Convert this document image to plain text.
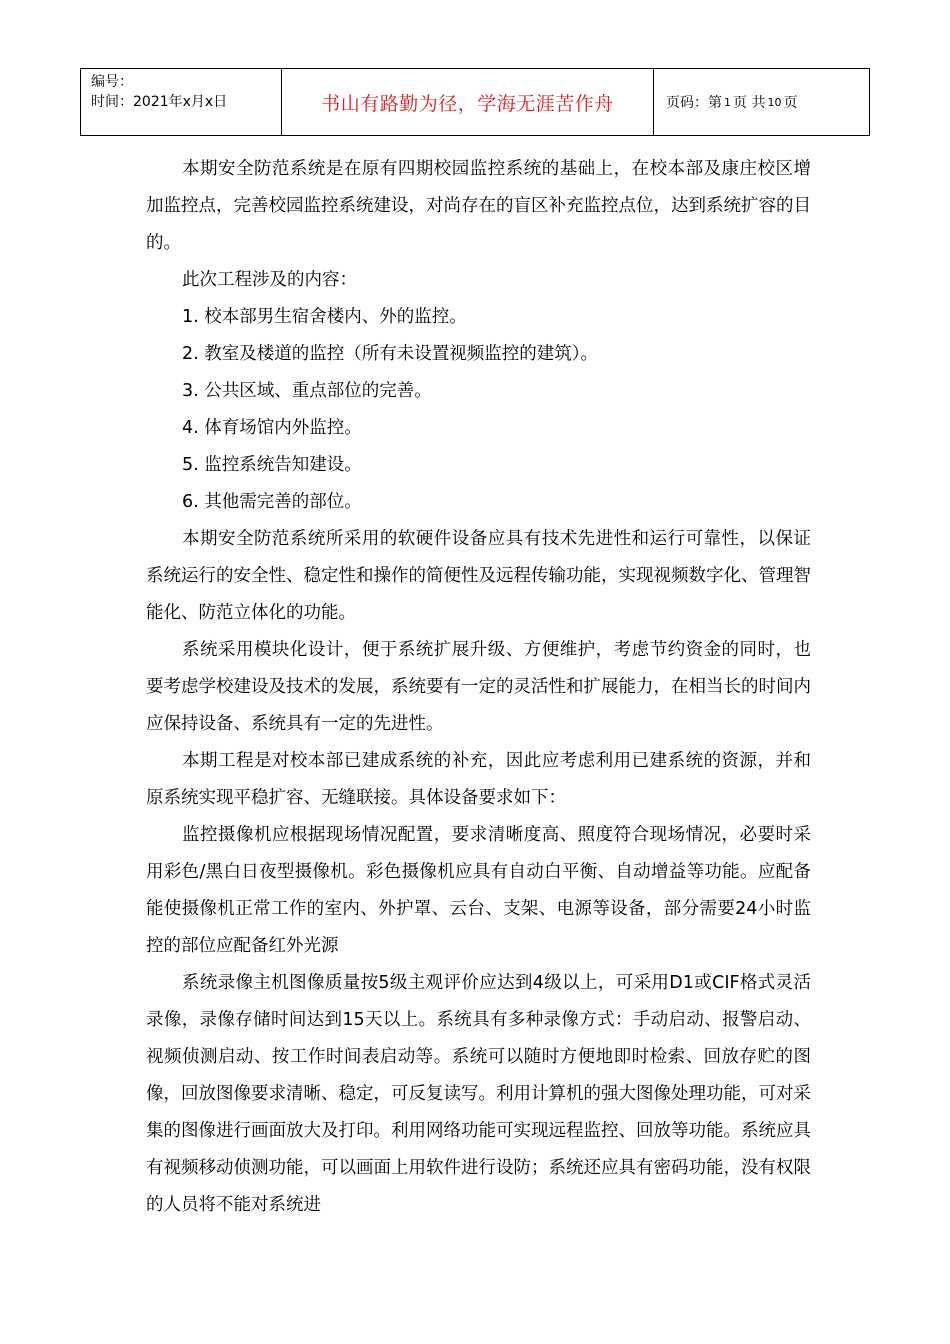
编号：
时间：2021年x月x日	书山有路勤为径，学海无涯苦作舟	页码：第 1 页 共 10 页

本期安全防范系统是在原有四期校园监控系统的基础上，在校本部及康庄校区增加监控点，完善校园监控系统建设，对尚存在的盲区补充监控点位，达到系统扩容的目的。

此次工程涉及的内容：

1. 校本部男生宿舍楼内、外的监控。

2. 教室及楼道的监控（所有未设置视频监控的建筑）。

3. 公共区域、重点部位的完善。

4. 体育场馆内外监控。

5. 监控系统告知建设。

6. 其他需完善的部位。

本期安全防范系统所采用的软硬件设备应具有技术先进性和运行可靠性，以保证系统运行的安全性、稳定性和操作的简便性及远程传输功能，实现视频数字化、管理智能化、防范立体化的功能。

系统采用模块化设计，便于系统扩展升级、方便维护，考虑节约资金的同时，也要考虑学校建设及技术的发展，系统要有一定的灵活性和扩展能力，在相当长的时间内应保持设备、系统具有一定的先进性。

本期工程是对校本部已建成系统的补充，因此应考虑利用已建系统的资源，并和原系统实现平稳扩容、无缝联接。具体设备要求如下：

监控摄像机应根据现场情况配置，要求清晰度高、照度符合现场情况，必要时采用彩色/黑白日夜型摄像机。彩色摄像机应具有自动白平衡、自动增益等功能。应配备能使摄像机正常工作的室内、外护罩、云台、支架、电源等设备，部分需要24小时监控的部位应配备红外光源

系统录像主机图像质量按5级主观评价应达到4级以上，可采用D1或CIF格式灵活录像，录像存储时间达到15天以上。系统具有多种录像方式：手动启动、报警启动、视频侦测启动、按工作时间表启动等。系统可以随时方便地即时检索、回放存贮的图像，回放图像要求清晰、稳定，可反复读写。利用计算机的强大图像处理功能，可对采集的图像进行画面放大及打印。利用网络功能可实现远程监控、回放等功能。系统应具有视频移动侦测功能，可以画面上用软件进行设防；系统还应具有密码功能，没有权限的人员将不能对系统进
